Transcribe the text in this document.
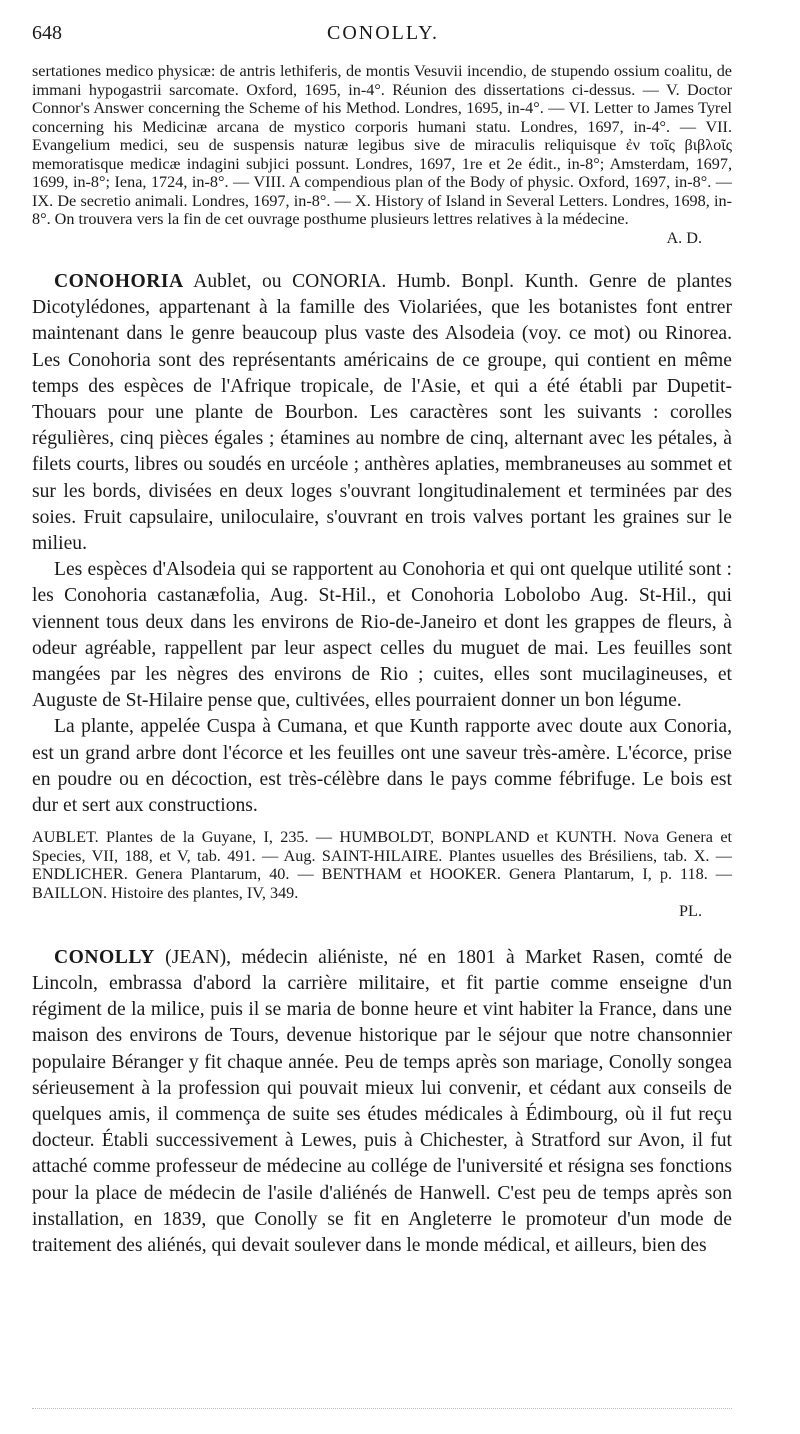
648	CONOLLY.

sertationes medico physicæ: de antris lethiferis, de montis Vesuvii incendio, de stupendo ossium coalitu, de immani hypogastrii sarcomate. Oxford, 1695, in-4°. Réunion des dissertations ci-dessus. — V. Doctor Connor's Answer concerning the Scheme of his Method. Londres, 1695, in-4°. — VI. Letter to James Tyrel concerning his Medicinæ arcana de mystico corporis humani statu. Londres, 1697, in-4°. — VII. Evangelium medici, seu de suspensis naturæ legibus sive de miraculis reliquisque ἐν τοῖς βιβλοῖς memoratisque medicæ indagini subjici possunt. Londres, 1697, 1re et 2e édit., in-8°; Amsterdam, 1697, 1699, in-8°; Iena, 1724, in-8°. — VIII. A compendious plan of the Body of physic. Oxford, 1697, in-8°. — IX. De secretio animali. Londres, 1697, in-8°. — X. History of Island in Several Letters. Londres, 1698, in-8°. On trouvera vers la fin de cet ouvrage posthume plusieurs lettres relatives à la médecine.

A. D.

CONOHORIA Aublet, ou CONORIA. Humb. Bonpl. Kunth. Genre de plantes Dicotylédones, appartenant à la famille des Violariées, que les botanistes font entrer maintenant dans le genre beaucoup plus vaste des Alsodeia (voy. ce mot) ou Rinorea. Les Conohoria sont des représentants américains de ce groupe, qui contient en même temps des espèces de l'Afrique tropicale, de l'Asie, et qui a été établi par Dupetit-Thouars pour une plante de Bourbon. Les caractères sont les suivants : corolles régulières, cinq pièces égales ; étamines au nombre de cinq, alternant avec les pétales, à filets courts, libres ou soudés en urcéole ; anthères aplaties, membraneuses au sommet et sur les bords, divisées en deux loges s'ouvrant longitudinalement et terminées par des soies. Fruit capsulaire, uniloculaire, s'ouvrant en trois valves portant les graines sur le milieu.

Les espèces d'Alsodeia qui se rapportent au Conohoria et qui ont quelque utilité sont : les Conohoria castanæfolia, Aug. St-Hil., et Conohoria Lobolobo Aug. St-Hil., qui viennent tous deux dans les environs de Rio-de-Janeiro et dont les grappes de fleurs, à odeur agréable, rappellent par leur aspect celles du muguet de mai. Les feuilles sont mangées par les nègres des environs de Rio ; cuites, elles sont mucilagineuses, et Auguste de St-Hilaire pense que, cultivées, elles pourraient donner un bon légume.

La plante, appelée Cuspa à Cumana, et que Kunth rapporte avec doute aux Conoria, est un grand arbre dont l'écorce et les feuilles ont une saveur très-amère. L'écorce, prise en poudre ou en décoction, est très-célèbre dans le pays comme fébrifuge. Le bois est dur et sert aux constructions.

AUBLET. Plantes de la Guyane, I, 235. — HUMBOLDT, BONPLAND et KUNTH. Nova Genera et Species, VII, 188, et V, tab. 491. — Aug. SAINT-HILAIRE. Plantes usuelles des Brésiliens, tab. X. — ENDLICHER. Genera Plantarum, 40. — BENTHAM et HOOKER. Genera Plantarum, I, p. 118. — BAILLON. Histoire des plantes, IV, 349.

PL.

CONOLLY (JEAN), médecin aliéniste, né en 1801 à Market Rasen, comté de Lincoln, embrassa d'abord la carrière militaire, et fit partie comme enseigne d'un régiment de la milice, puis il se maria de bonne heure et vint habiter la France, dans une maison des environs de Tours, devenue historique par le séjour que notre chansonnier populaire Béranger y fit chaque année. Peu de temps après son mariage, Conolly songea sérieusement à la profession qui pouvait mieux lui convenir, et cédant aux conseils de quelques amis, il commença de suite ses études médicales à Édimbourg, où il fut reçu docteur. Établi successivement à Lewes, puis à Chichester, à Stratford sur Avon, il fut attaché comme professeur de médecine au collége de l'université et résigna ses fonctions pour la place de médecin de l'asile d'aliénés de Hanwell. C'est peu de temps après son installation, en 1839, que Conolly se fit en Angleterre le promoteur d'un mode de traitement des aliénés, qui devait soulever dans le monde médical, et ailleurs, bien des
